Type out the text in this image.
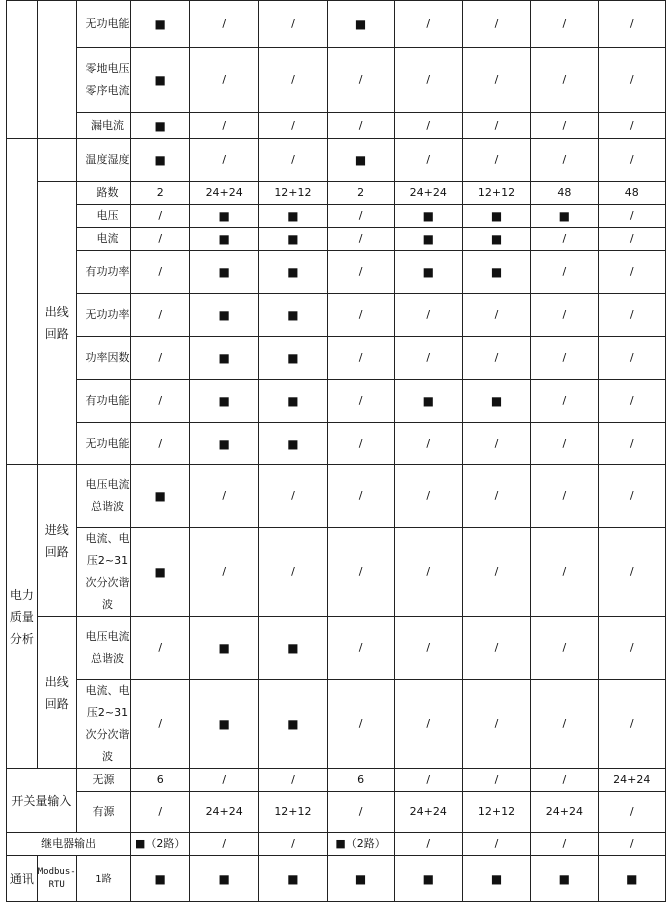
		无功电能	■	/	/	■	/	/	/	/
		零地电压零序电流	■	/	/	/	/	/	/	/
		漏电流	■	/	/	/	/	/	/	/
		温度湿度	■	/	/	■	/	/	/	/

	出线回路	路数	2	24+24	12+12	2	24+24	12+12	48	48
		电压	/	■	■	/	■	■	■	/
		电流	/	■	■	/	■	■	/	/
		有功功率	/	■	■	/	■	■	/	/
		无功功率	/	■	■	/	/	/	/	/
		功率因数	/	■	■	/	/	/	/	/
		有功电能	/	■	■	/	■	■	/	/
		无功电能	/	■	■	/	/	/	/	/

电力质量分析	进线回路	电压电流总谐波	■	/	/	/	/	/	/	/
		电流、电压2~31次分次谐波	■	/	/	/	/	/	/	/

	出线回路	电压电流总谐波	/	■	■	/	/	/	/	/
		电流、电压2~31次分次谐波	/	■	■	/	/	/	/	/

开关量输入		无源	6	/	/	6	/	/	/	24+24
		有源	/	24+24	12+12	/	24+24	12+12	24+24	/
继电器输出			■（2路）	/	/	■（2路）	/	/	/	/

通讯	Modbus-RTU	1路	■	■	■	■	■	■	■	■
